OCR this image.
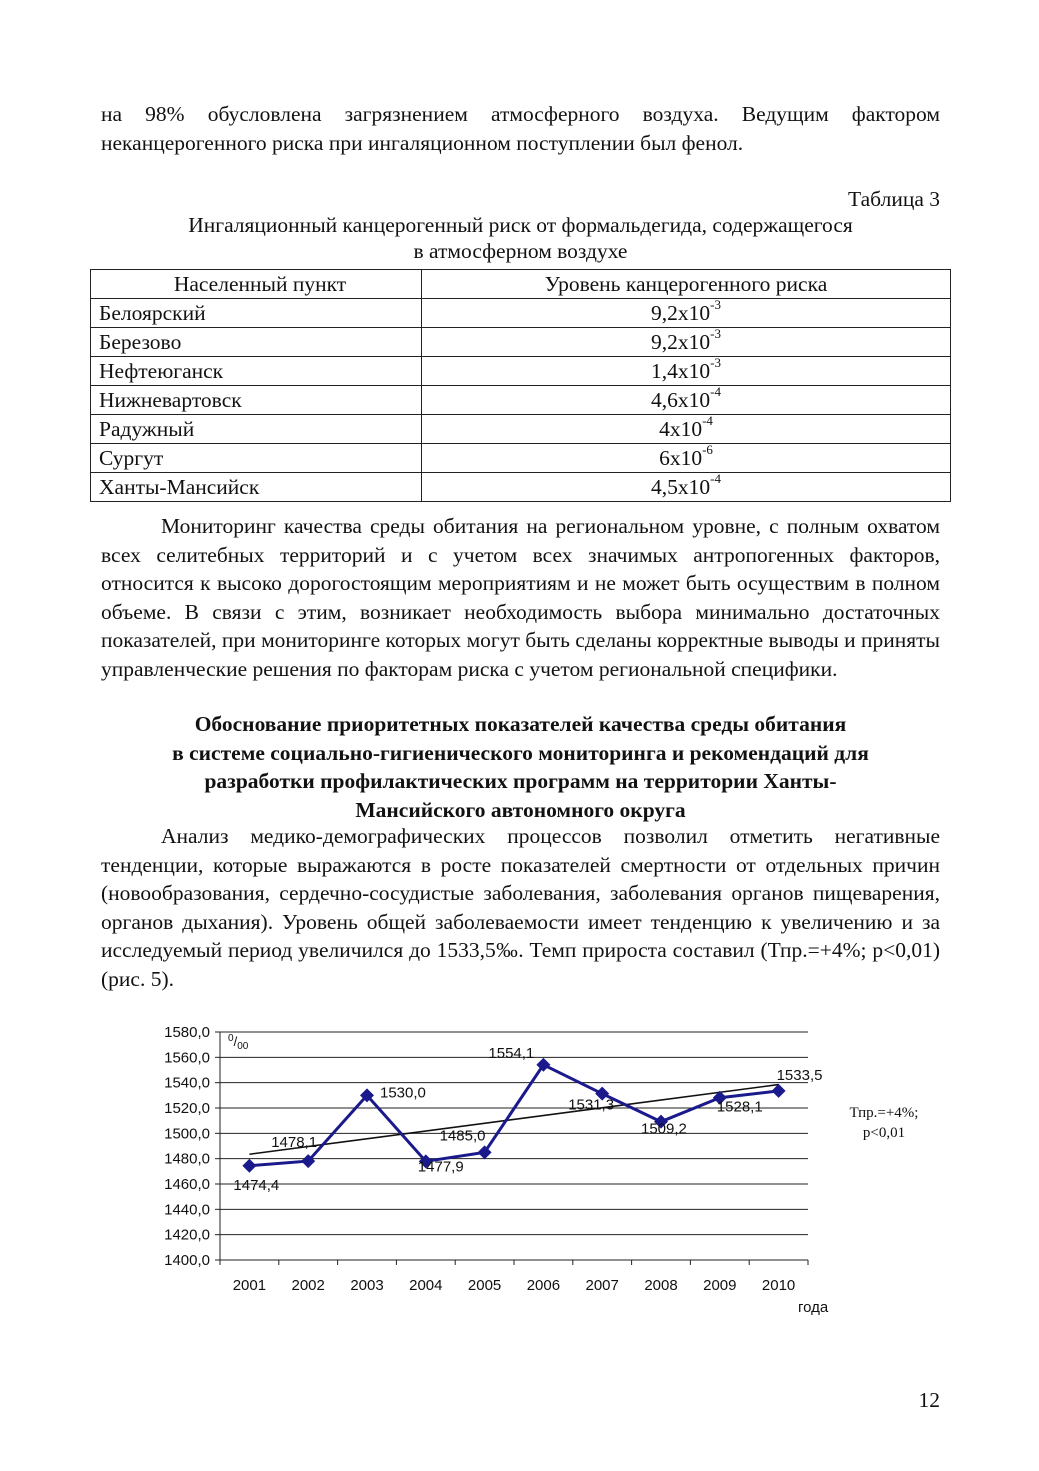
на 98% обусловлена загрязнением атмосферного воздуха. Ведущим фактором неканцерогенного риска при ингаляционном поступлении был фенол.
Таблица 3
Ингаляционный канцерогенный риск от формальдегида, содержащегося
в атмосферном воздухе
Населенный пункт	Уровень канцерогенного риска
Белоярский	$9,2х10^{-3}$
Березово	$9,2х10^{-3}$
Нефтеюганск	$1,4х10^{-3}$
Нижневартовск	$4,6х10^{-4}$
Радужный	$4х10^{-4}$
Сургут	$6х10^{-6}$
Ханты-Мансийск	$4,5х10^{-4}$
Мониторинг качества среды обитания на региональном уровне, с полным охватом всех селитебных территорий и с учетом всех значимых антропогенных факторов, относится к высоко дорогостоящим мероприятиям и не может быть осуществим в полном объеме. В связи с этим, возникает необходимость выбора минимально достаточных показателей, при мониторинге которых могут быть сделаны корректные выводы и приняты управленческие решения по факторам риска с учетом региональной специфики.
Обоснование приоритетных показателей качества среды обитания
в системе социально-гигиенического мониторинга и рекомендаций для
разработки профилактических программ на территории Ханты-
Мансийского автономного округа
Анализ медико-демографических процессов позволил отметить негативные тенденции, которые выражаются в росте показателей смертности от отдельных причин (новообразования, сердечно-сосудистые заболевания, заболевания органов пищеварения, органов дыхания). Уровень общей заболеваемости имеет тенденцию к увеличению и за исследуемый период увеличился до 1533,5‰. Темп прироста составил (Тпр.=+4%; р<0,01) (рис. 5).
1400,0
1420,0
1440,0
1460,0
1480,0
1500,0
1520,0
1540,0
1560,0
1580,0
2001 2002 2003 2004 2005 2006 2007 2008 2009 2010
года
$^0/_{00}$
1474,4
1478,1
1530,0
1477,9
1485,0
1554,1
1531,3
1509,2
1528,1
1533,5
Тпр.=+4%;
р<0,01
12
